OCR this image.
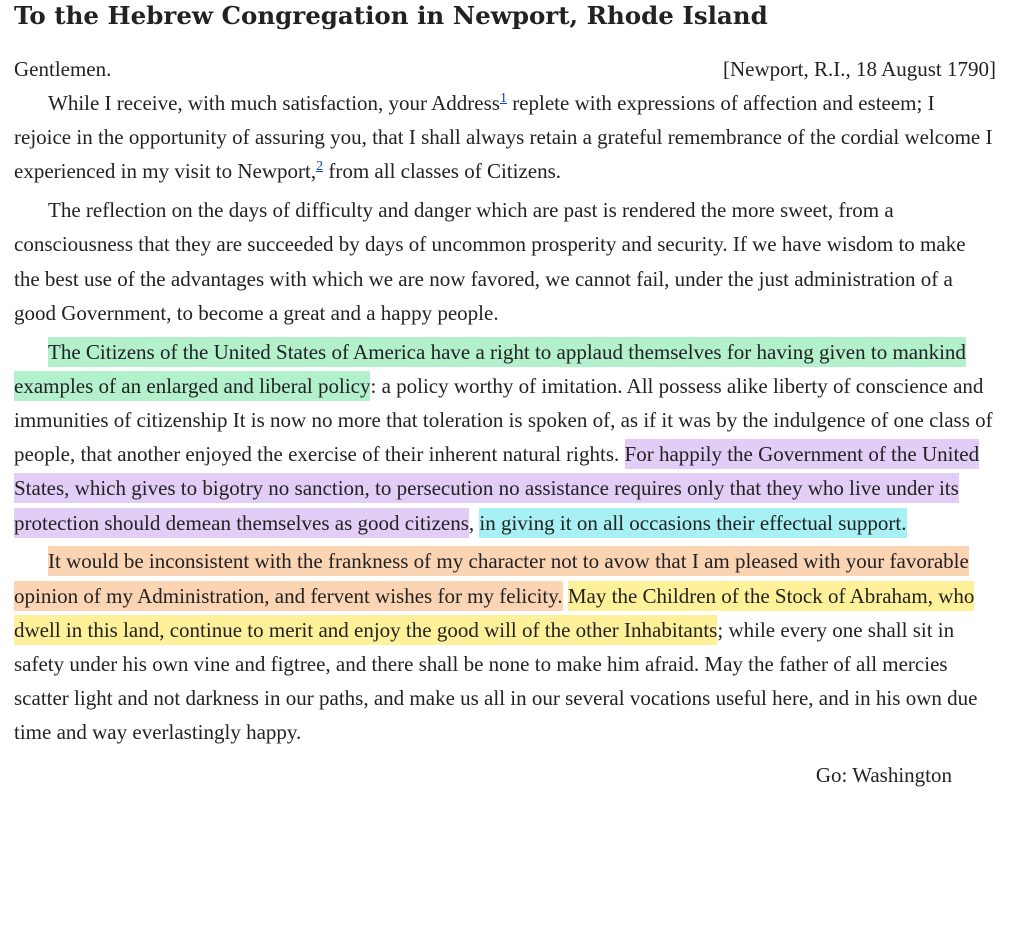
To the Hebrew Congregation in Newport, Rhode Island
Gentlemen.	[Newport, R.I., 18 August 1790]

While I receive, with much satisfaction, your Address$^1$ replete with expressions of affection and esteem; I rejoice in the opportunity of assuring you, that I shall always retain a grateful remembrance of the cordial welcome I experienced in my visit to Newport,$^2$ from all classes of Citizens.

The reflection on the days of difficulty and danger which are past is rendered the more sweet, from a consciousness that they are succeeded by days of uncommon prosperity and security. If we have wisdom to make the best use of the advantages with which we are now favored, we cannot fail, under the just administration of a good Government, to become a great and a happy people.

The Citizens of the United States of America have a right to applaud themselves for having given to mankind examples of an enlarged and liberal policy: a policy worthy of imitation. All possess alike liberty of conscience and immunities of citizenship It is now no more that toleration is spoken of, as if it was by the indulgence of one class of people, that another enjoyed the exercise of their inherent natural rights. For happily the Government of the United States, which gives to bigotry no sanction, to persecution no assistance requires only that they who live under its protection should demean themselves as good citizens, in giving it on all occasions their effectual support.

It would be inconsistent with the frankness of my character not to avow that I am pleased with your favorable opinion of my Administration, and fervent wishes for my felicity. May the Children of the Stock of Abraham, who dwell in this land, continue to merit and enjoy the good will of the other Inhabitants; while every one shall sit in safety under his own vine and figtree, and there shall be none to make him afraid. May the father of all mercies scatter light and not darkness in our paths, and make us all in our several vocations useful here, and in his own due time and way everlastingly happy.

Go: Washington
